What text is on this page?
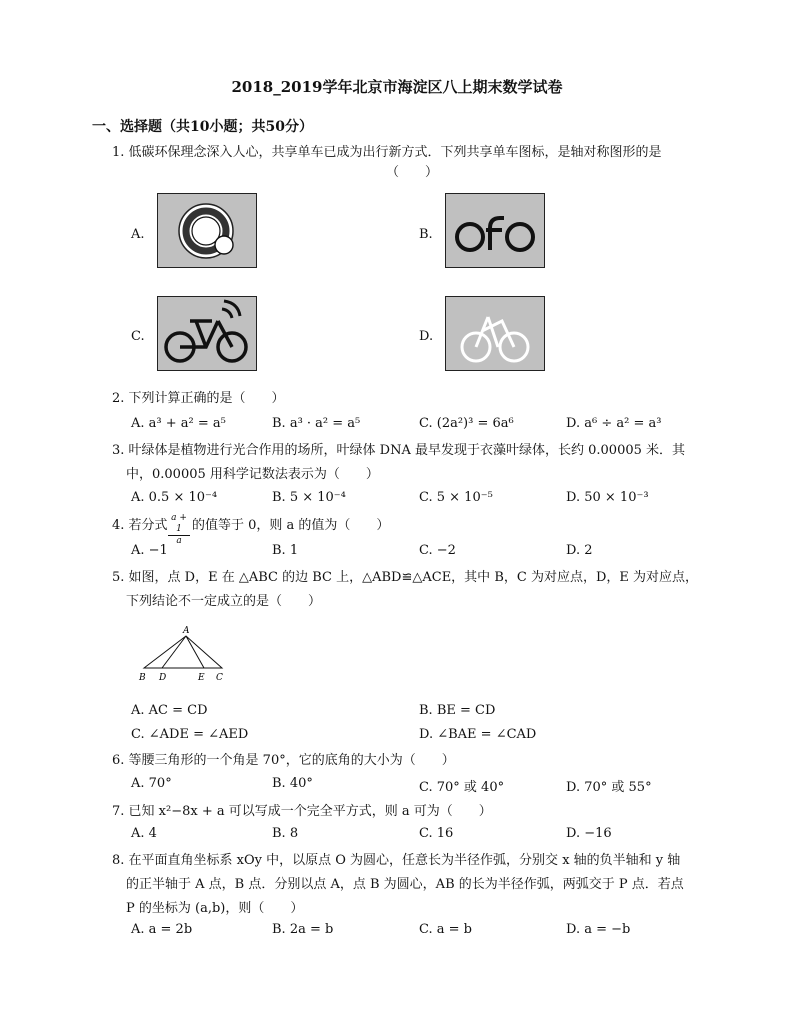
2018_2019学年北京市海淀区八上期末数学试卷
一、选择题（共10小题；共50分）
1. 低碳环保理念深入人心，共享单车已成为出行新方式．下列共享单车图标，是轴对称图形的是
（　　）
A.	B.
C.	D.
2. 下列计算正确的是（　　）
A. a³ + a² = a⁵	B. a³ · a² = a⁵	C. (2a²)³ = 6a⁶	D. a⁶ ÷ a² = a³
3. 叶绿体是植物进行光合作用的场所，叶绿体 DNA 最早发现于衣藻叶绿体，长约 0.00005 米．其
中，0.00005 用科学记数法表示为（　　）
A. 0.5 × 10⁻⁴	B. 5 × 10⁻⁴	C. 5 × 10⁻⁵	D. 50 × 10⁻³
4. 若分式 a + 1
a
的值等于 0，则 a 的值为（　　）
A. −1	B. 1	C. −2	D. 2
5. 如图，点 D，E 在 △ABC 的边 BC 上，△ABD≌△ACE，其中 B，C 为对应点，D，E 为对应点，
下列结论不一定成立的是（　　）
A
B D	E C
A. AC = CD	B. BE = CD
C. ∠ADE = ∠AED	D. ∠BAE = ∠CAD
6. 等腰三角形的一个角是 70°，它的底角的大小为（　　）
A. 70°	B. 40°	C. 70° 或 40°	D. 70° 或 55°
7. 已知 x²−8x + a 可以写成一个完全平方式，则 a 可为（　　）
A. 4	B. 8	C. 16	D. −16
8. 在平面直角坐标系 xOy 中，以原点 O 为圆心，任意长为半径作弧，分别交 x 轴的负半轴和 y 轴
的正半轴于 A 点，B 点．分别以点 A，点 B 为圆心，AB 的长为半径作弧，两弧交于 P 点．若点
P 的坐标为 (a,b)，则（　　）
A. a = 2b	B. 2a = b	C. a = b	D. a = −b
